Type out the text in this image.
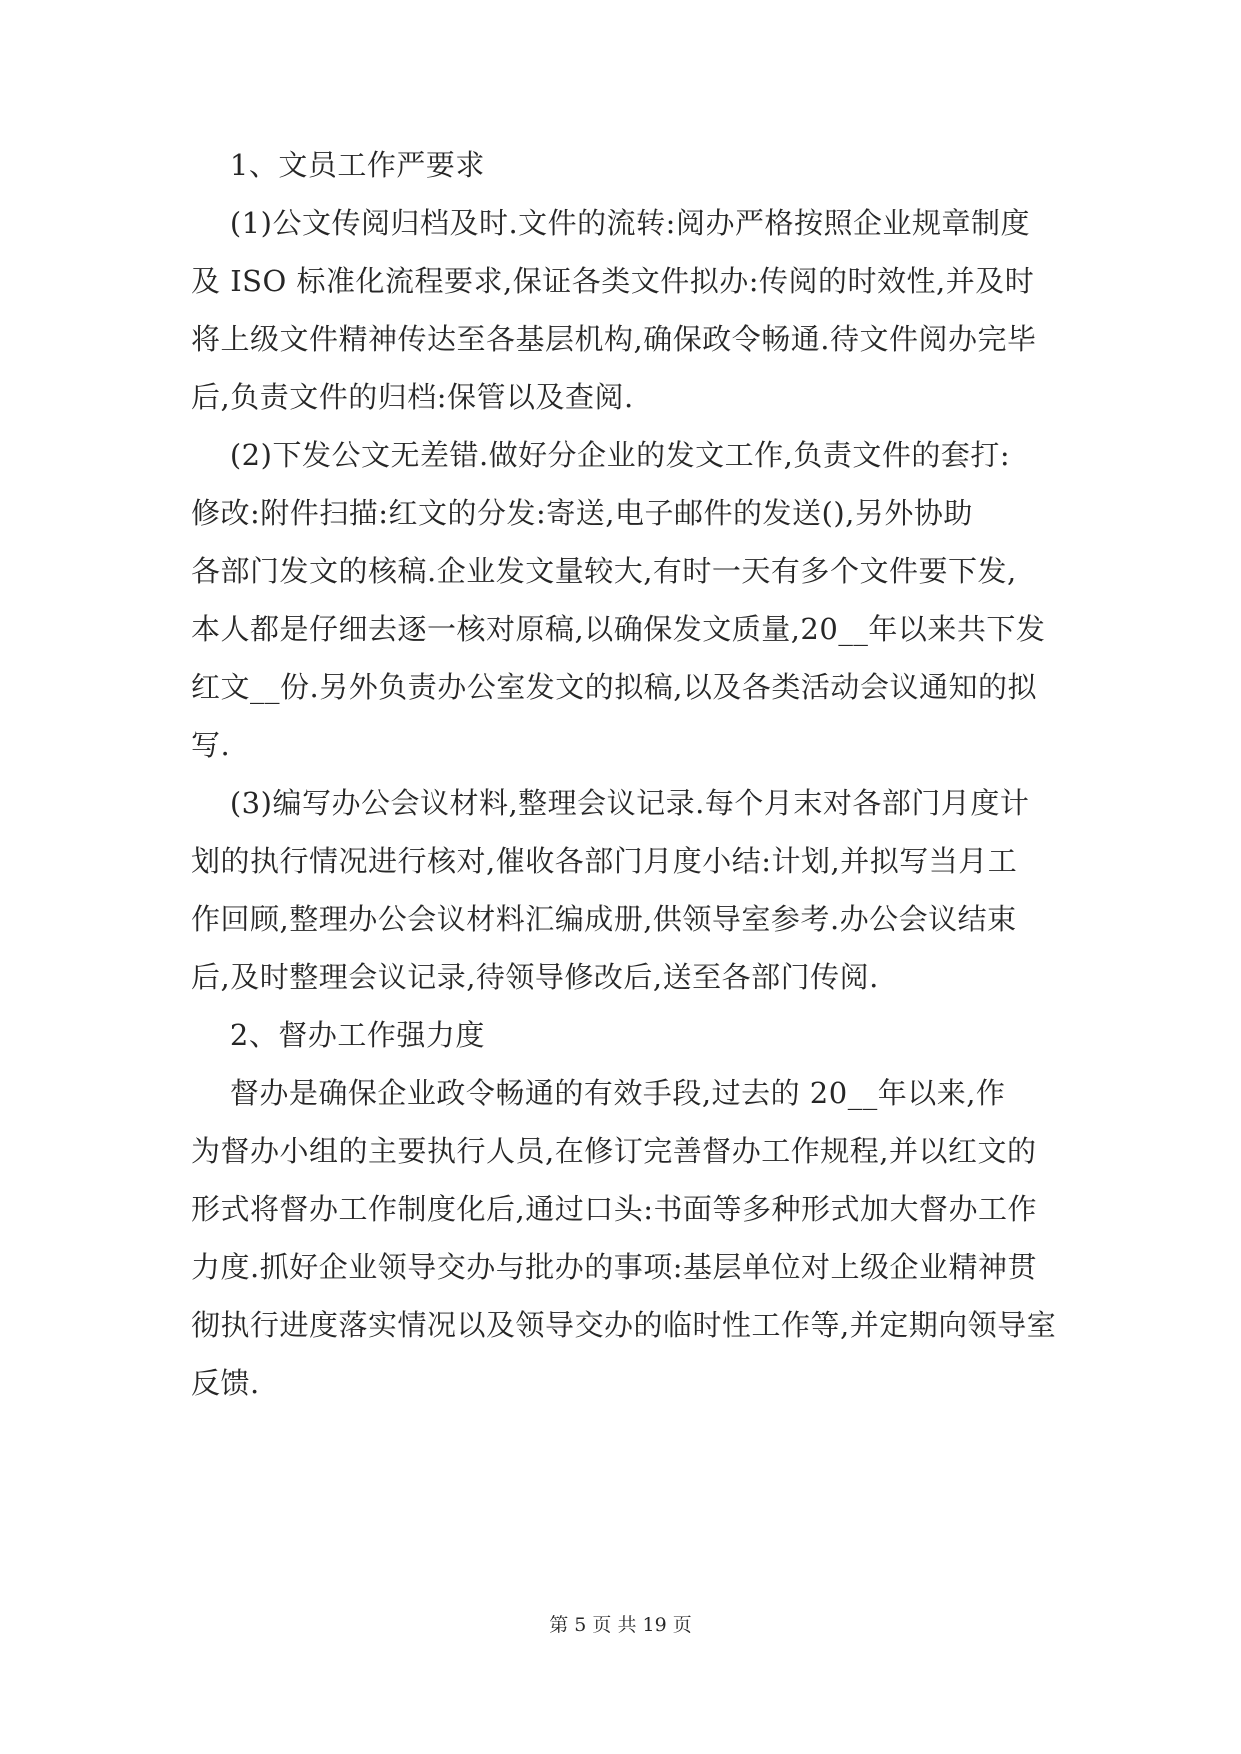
1、文员工作严要求
(1)公文传阅归档及时.文件的流转:阅办严格按照企业规章制度
及 ISO 标准化流程要求,保证各类文件拟办:传阅的时效性,并及时
将上级文件精神传达至各基层机构,确保政令畅通.待文件阅办完毕
后,负责文件的归档:保管以及查阅.
(2)下发公文无差错.做好分企业的发文工作,负责文件的套打:
修改:附件扫描:红文的分发:寄送,电子邮件的发送(),另外协助
各部门发文的核稿.企业发文量较大,有时一天有多个文件要下发,
本人都是仔细去逐一核对原稿,以确保发文质量,20__年以来共下发
红文__份.另外负责办公室发文的拟稿,以及各类活动会议通知的拟
写.
(3)编写办公会议材料,整理会议记录.每个月末对各部门月度计
划的执行情况进行核对,催收各部门月度小结:计划,并拟写当月工
作回顾,整理办公会议材料汇编成册,供领导室参考.办公会议结束
后,及时整理会议记录,待领导修改后,送至各部门传阅.
2、督办工作强力度
督办是确保企业政令畅通的有效手段,过去的 20__年以来,作
为督办小组的主要执行人员,在修订完善督办工作规程,并以红文的
形式将督办工作制度化后,通过口头:书面等多种形式加大督办工作
力度.抓好企业领导交办与批办的事项:基层单位对上级企业精神贯
彻执行进度落实情况以及领导交办的临时性工作等,并定期向领导室
反馈.
第 5 页 共 19 页
